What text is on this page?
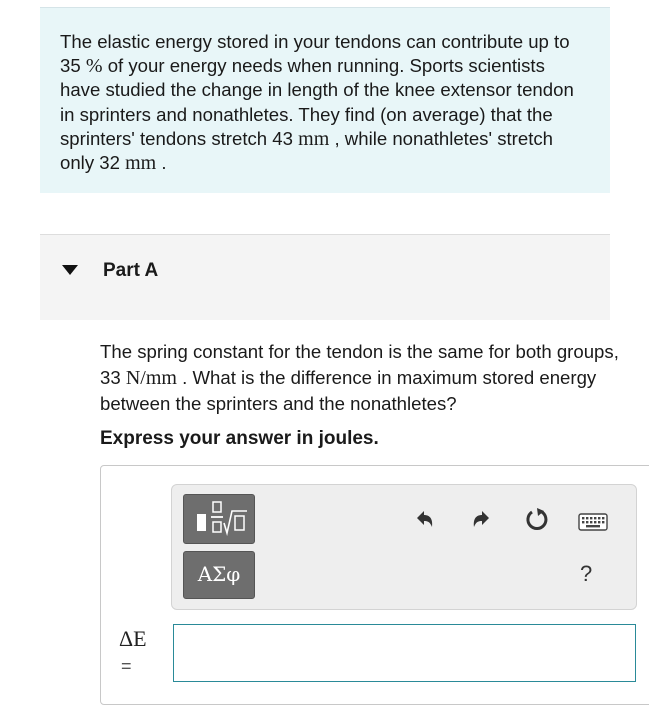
The elastic energy stored in your tendons can contribute up to 35 % of your energy needs when running. Sports scientists have studied the change in length of the knee extensor tendon in sprinters and nonathletes. They find (on average) that the sprinters' tendons stretch 43 mm , while nonathletes' stretch only 32 mm .
Part A
The spring constant for the tendon is the same for both groups, 33 N/mm . What is the difference in maximum stored energy between the sprinters and the nonathletes?
Express your answer in joules.
ΑΣφ	?
ΔE
=
